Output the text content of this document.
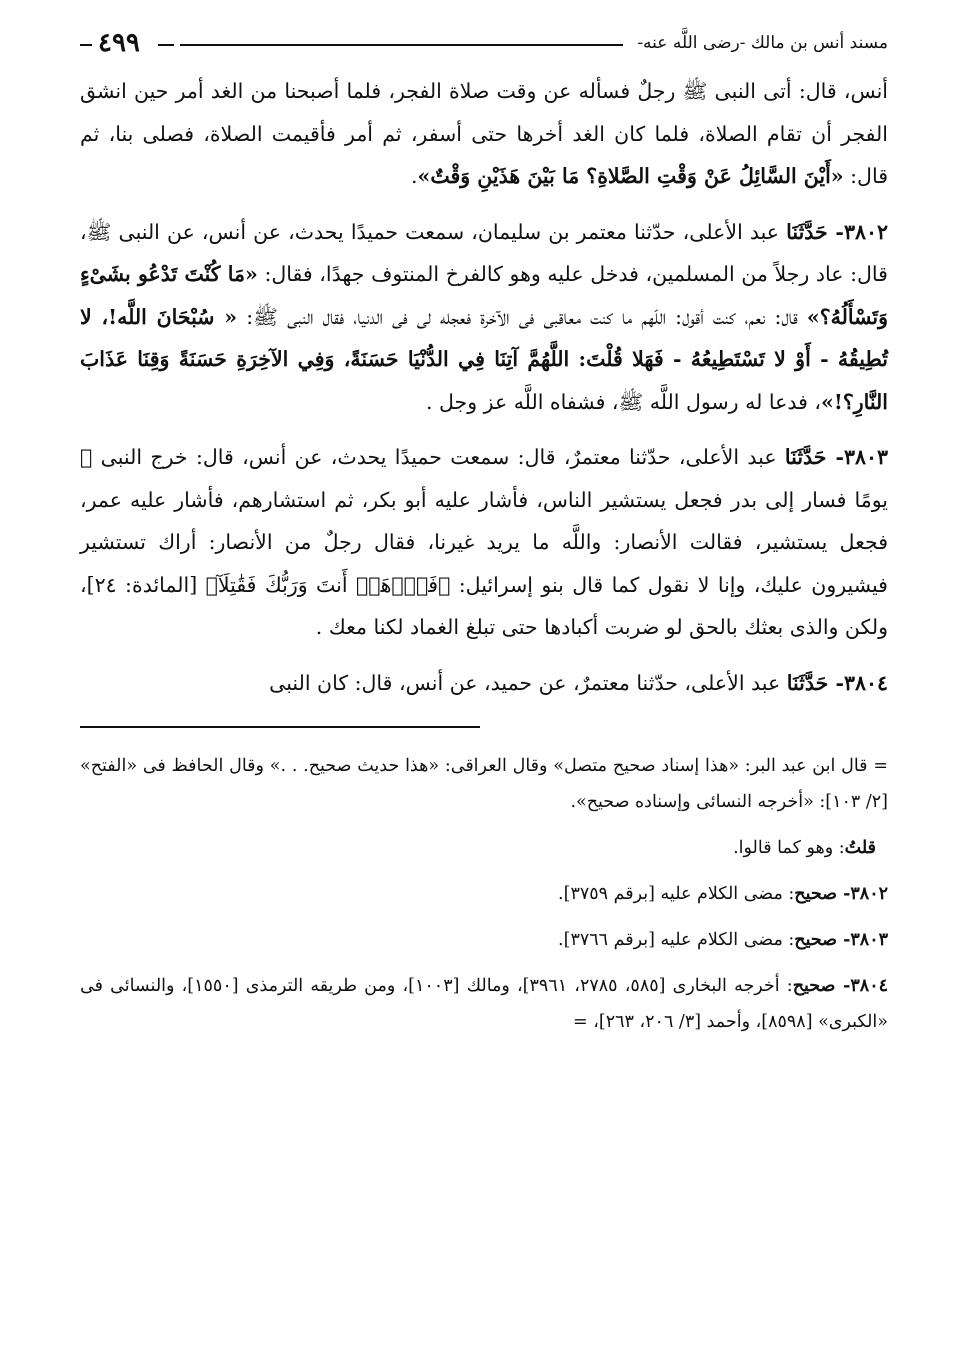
مسند أنس بن مالك -رضى اللَّه عنه-
٤٩٩

أنس، قال: أتى النبى ﷺ رجلٌ فسأله عن وقت صلاة الفجر، فلما أصبحنا من الغد أمر حين انشق الفجر أن تقام الصلاة، فلما كان الغد أخرها حتى أسفر، ثم أمر فأقيمت الصلاة، فصلى بنا، ثم قال: «أَيْنَ السَّائِلُ عَنْ وَقْتِ الصَّلاةِ؟ مَا بَيْنَ هَذَيْنِ وَقْتٌ».

٣٨٠٢- حَدَّثَنَا عبد الأعلى، حدّثنا معتمر بن سليمان، سمعت حميدًا يحدث، عن أنس، عن النبى ﷺ، قال: عاد رجلاً من المسلمين، فدخل عليه وهو كالفرخ المنتوف جهدًا، فقال: «مَا كُنْتَ تَدْعُو بشَىْءٍ وَتَسْأَلُهُ؟» قال: نعم، كنت أقول: اللّهم ما كنت معاقبى فى الآخرة فعجله لى فى الدنيا، فقال النبى ﷺ: « سُبْحَانَ اللَّه!، لا تُطِيقُهُ - أَوْ لا تَسْتَطِيعُهُ - فَهَلا قُلْتَ: اللَّهُمَّ آتِنَا فِي الدُّنْيَا حَسَنَةً، وَفِي الآخِرَةِ حَسَنَةً وَقِنَا عَذَابَ النَّارِ؟!»، فدعا له رسول اللَّه ﷺ، فشفاه اللَّه عز وجل .

٣٨٠٣- حَدَّثَنَا عبد الأعلى، حدّثنا معتمرٌ، قال: سمعت حميدًا يحدث، عن أنس، قال: خرج النبى ﷺ يومًا فسار إلى بدر فجعل يستشير الناس، فأشار عليه أبو بكر، ثم استشارهم، فأشار عليه عمر، فجعل يستشير، فقالت الأنصار: واللَّه ما يريد غيرنا، فقال رجلٌ من الأنصار: أراك تستشير فيشيرون عليك، وإنا لا نقول كما قال بنو إسرائيل: ﴿فَٱذۡهَبۡ أَنتَ وَرَبُّكَ فَقَٰتِلَآ﴾ [المائدة: ٢٤]، ولكن والذى بعثك بالحق لو ضربت أكبادها حتى تبلغ الغماد لكنا معك .

٣٨٠٤- حَدَّثَنَا عبد الأعلى، حدّثنا معتمرٌ، عن حميد، عن أنس، قال: كان النبى

= قال ابن عبد البر: «هذا إسناد صحيح متصل» وقال العراقى: «هذا حديث صحيح. . .» وقال الحافظ فى «الفتح» [٢/ ١٠٣]: «أخرجه النسائى وإسناده صحيح».

قلتُ: وهو كما قالوا.

٣٨٠٢- صحيح: مضى الكلام عليه [برقم ٣٧٥٩].

٣٨٠٣- صحيح: مضى الكلام عليه [برقم ٣٧٦٦].

٣٨٠٤- صحيح: أخرجه البخارى [٥٨٥، ٢٧٨٥، ٣٩٦١]، ومالك [١٠٠٣]، ومن طريقه الترمذى [١٥٥٠]، والنسائى فى «الكبرى» [٨٥٩٨]، وأحمد [٣/ ٢٠٦، ٢٦٣]، =
